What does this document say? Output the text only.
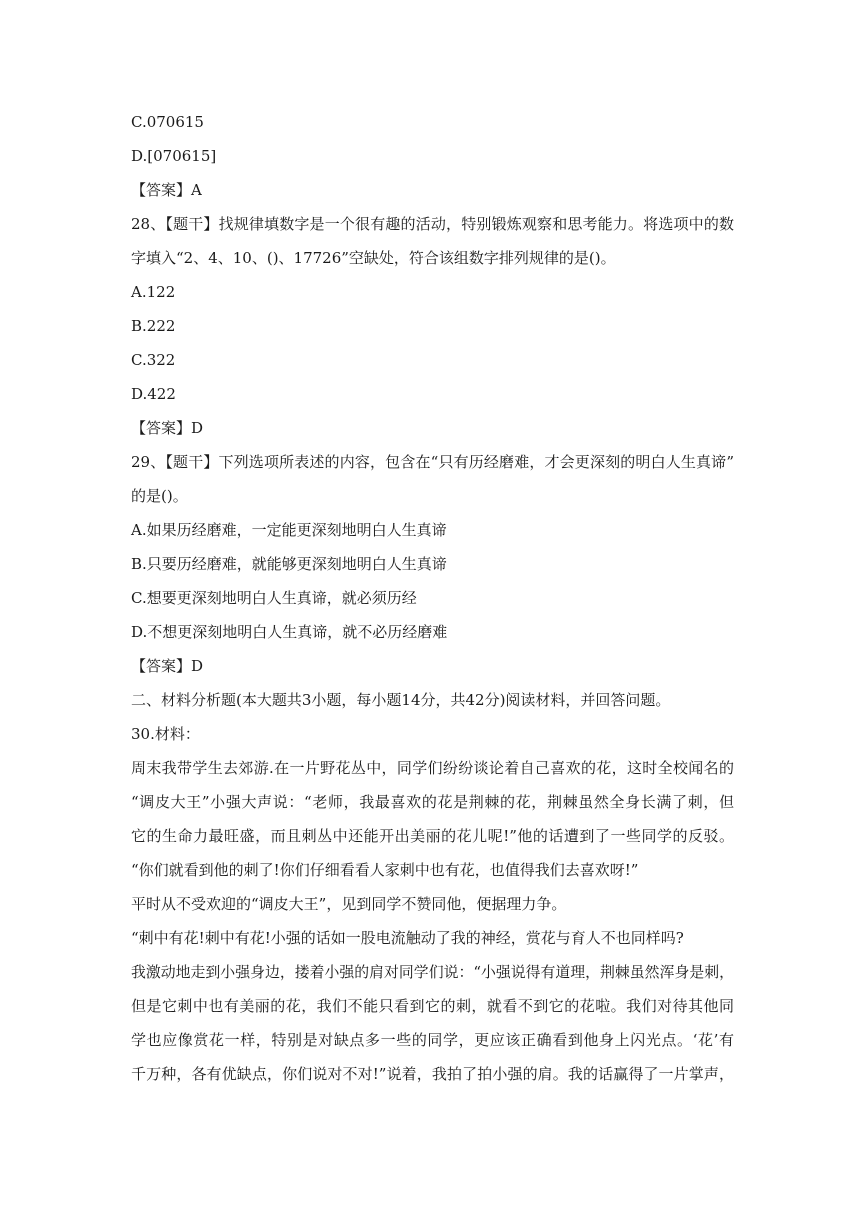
C.070615
D.[070615]
【答案】A
28、【题干】找规律填数字是一个很有趣的活动，特别锻炼观察和思考能力。将选项中的数
字填入“2、4、10、()、17726”空缺处，符合该组数字排列规律的是()。
A.122
B.222
C.322
D.422
【答案】D
29、【题干】下列选项所表述的内容，包含在“只有历经磨难，才会更深刻的明白人生真谛”
的是()。
A.如果历经磨难，一定能更深刻地明白人生真谛
B.只要历经磨难，就能够更深刻地明白人生真谛
C.想要更深刻地明白人生真谛，就必须历经
D.不想更深刻地明白人生真谛，就不必历经磨难
【答案】D
二、材料分析题(本大题共3小题，每小题14分，共42分)阅读材料，并回答问题。
30.材料：
周末我带学生去郊游.在一片野花丛中，同学们纷纷谈论着自己喜欢的花，这时全校闻名的
“调皮大王”小强大声说：“老师，我最喜欢的花是荆棘的花，荆棘虽然全身长满了刺，但
它的生命力最旺盛，而且刺丛中还能开出美丽的花儿呢!”他的话遭到了一些同学的反驳。
“你们就看到他的刺了!你们仔细看看人家刺中也有花，也值得我们去喜欢呀!”
平时从不受欢迎的“调皮大王”，见到同学不赞同他，便据理力争。
“刺中有花!刺中有花!小强的话如一股电流触动了我的神经，赏花与育人不也同样吗?
我激动地走到小强身边，搂着小强的肩对同学们说：“小强说得有道理，荆棘虽然浑身是刺，
但是它刺中也有美丽的花，我们不能只看到它的刺，就看不到它的花啦。我们对待其他同
学也应像赏花一样，特别是对缺点多一些的同学，更应该正确看到他身上闪光点。‘花’有
千万种，各有优缺点，你们说对不对!”说着，我拍了拍小强的肩。我的话赢得了一片掌声，
